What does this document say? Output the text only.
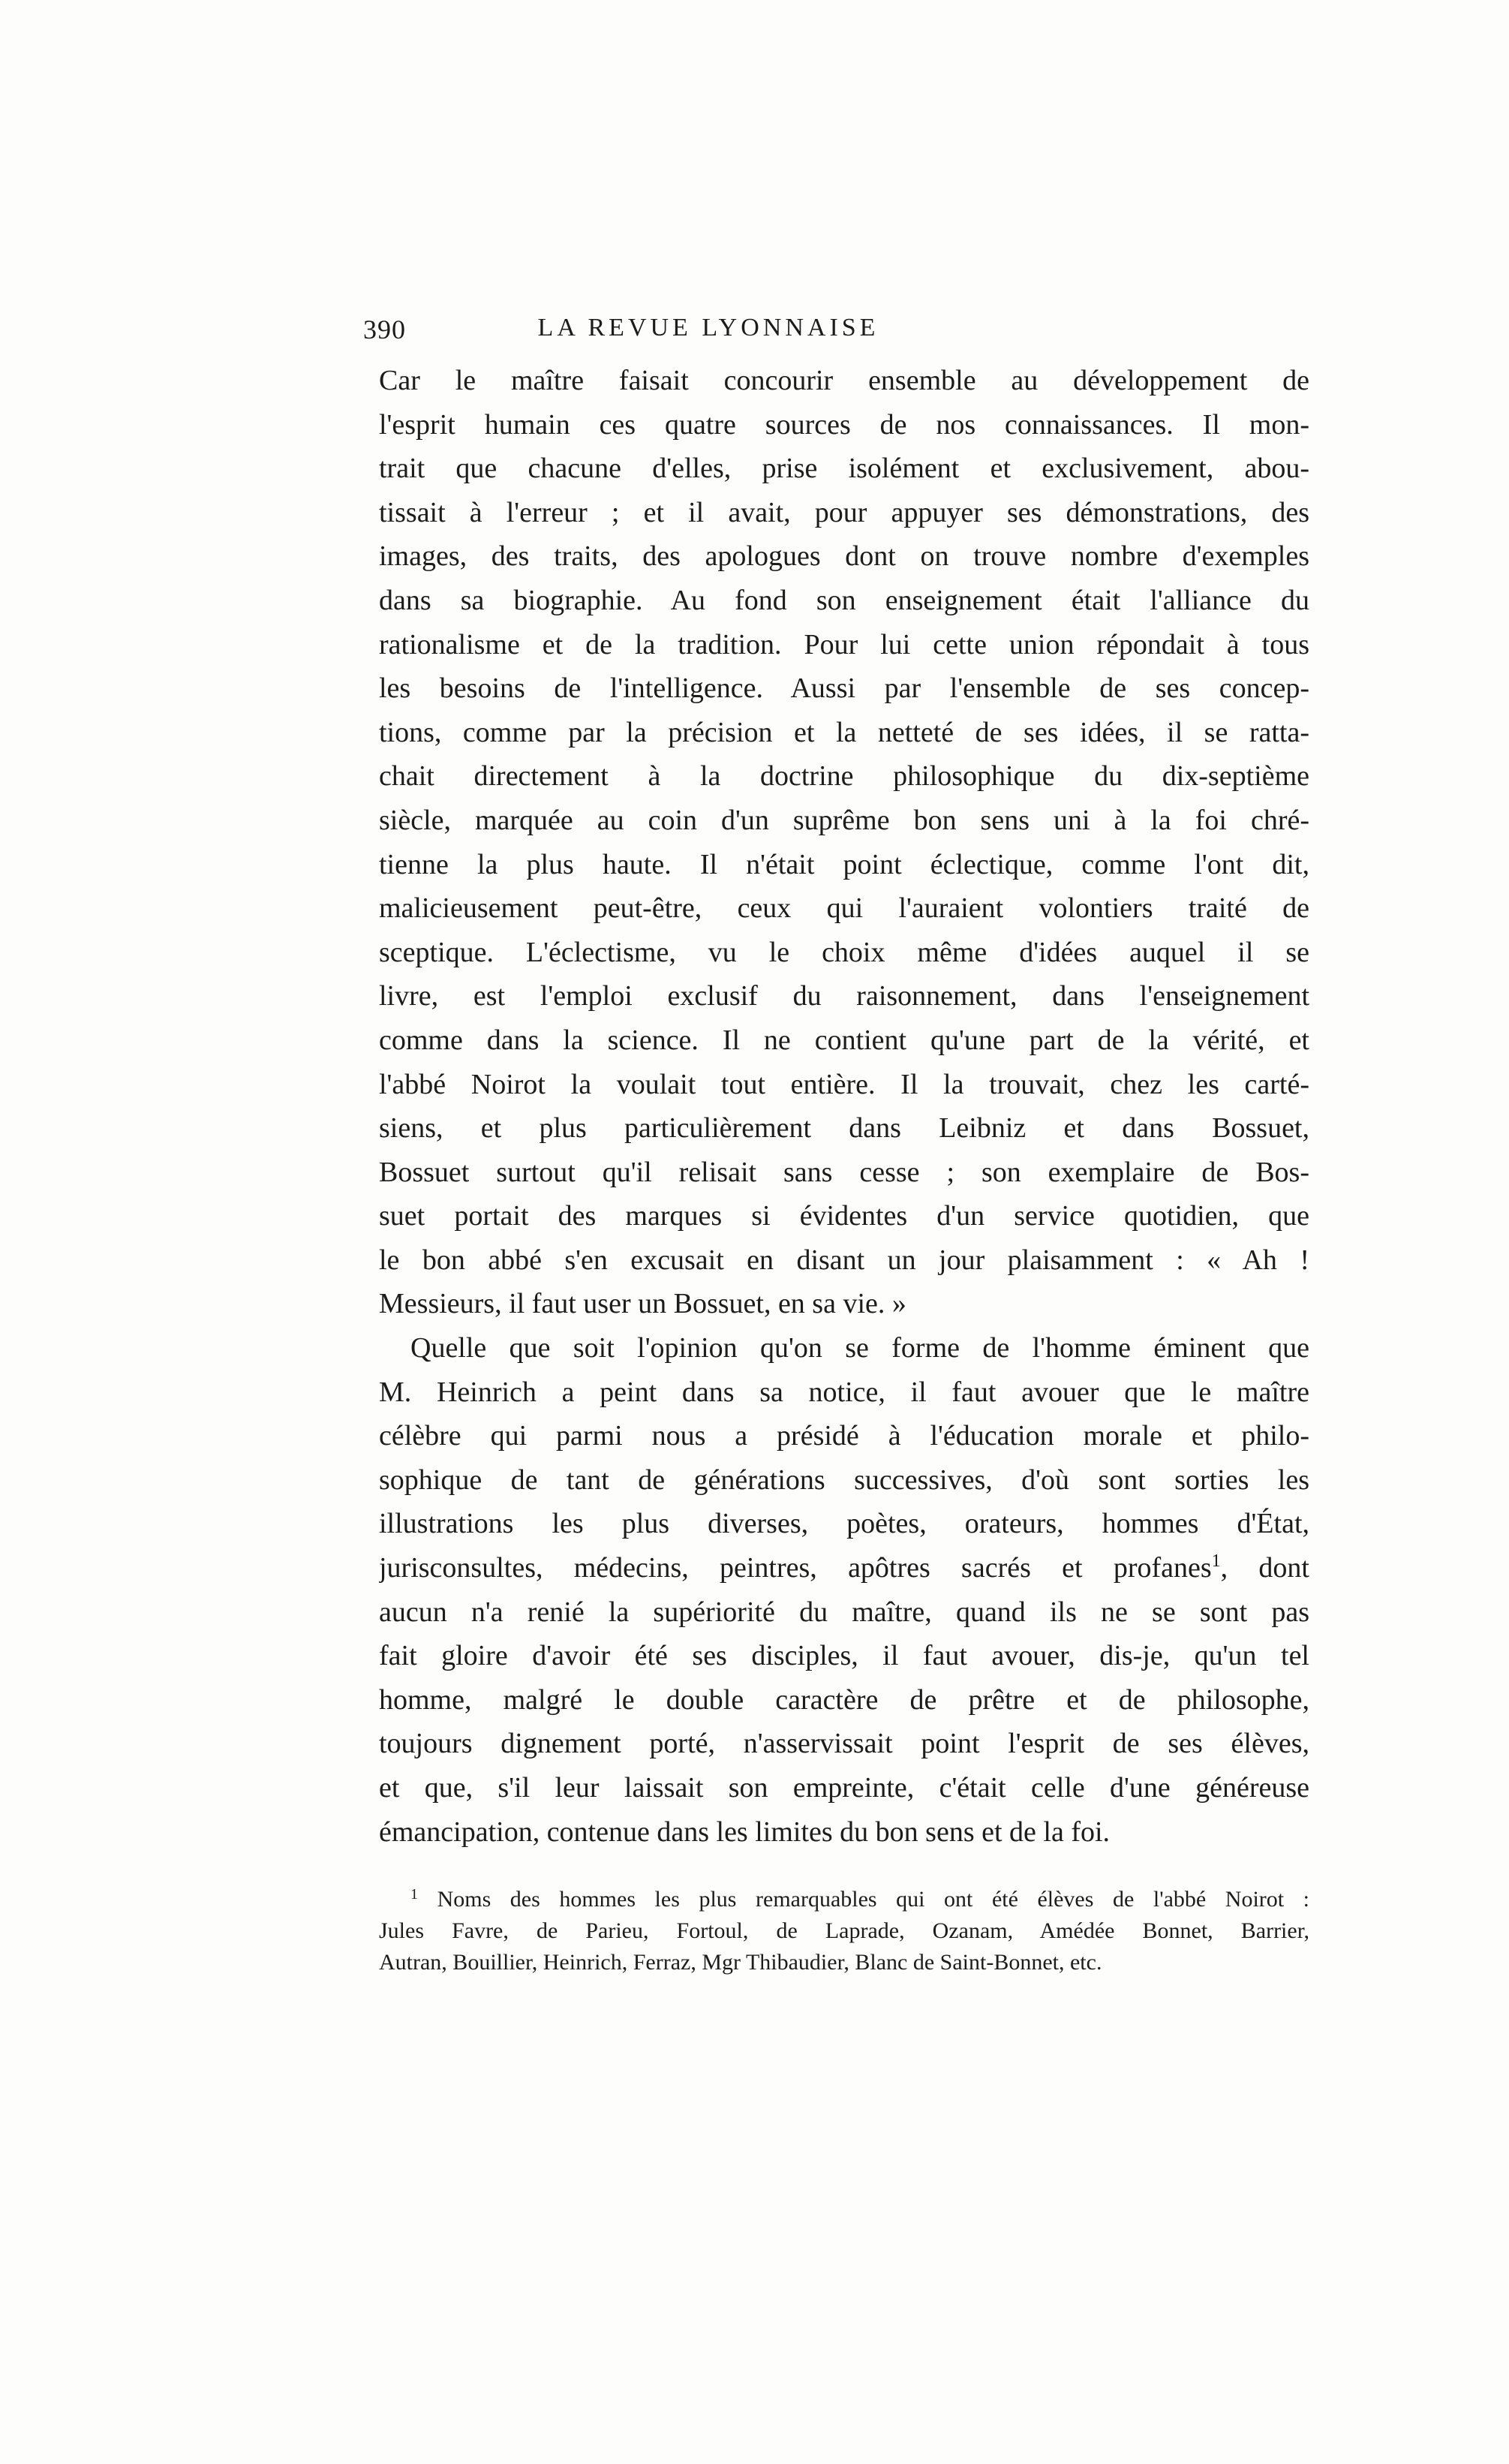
390	LA REVUE LYONNAISE
Car le maître faisait concourir ensemble au développement de
l'esprit humain ces quatre sources de nos connaissances. Il mon-
trait que chacune d'elles, prise isolément et exclusivement, abou-
tissait à l'erreur ; et il avait, pour appuyer ses démonstrations, des
images, des traits, des apologues dont on trouve nombre d'exemples
dans sa biographie. Au fond son enseignement était l'alliance du
rationalisme et de la tradition. Pour lui cette union répondait à tous
les besoins de l'intelligence. Aussi par l'ensemble de ses concep-
tions, comme par la précision et la netteté de ses idées, il se ratta-
chait directement à la doctrine philosophique du dix-septième
siècle, marquée au coin d'un suprême bon sens uni à la foi chré-
tienne la plus haute. Il n'était point éclectique, comme l'ont dit,
malicieusement peut-être, ceux qui l'auraient volontiers traité de
sceptique. L'éclectisme, vu le choix même d'idées auquel il se
livre, est l'emploi exclusif du raisonnement, dans l'enseignement
comme dans la science. Il ne contient qu'une part de la vérité, et
l'abbé Noirot la voulait tout entière. Il la trouvait, chez les carté-
siens, et plus particulièrement dans Leibniz et dans Bossuet,
Bossuet surtout qu'il relisait sans cesse ; son exemplaire de Bos-
suet portait des marques si évidentes d'un service quotidien, que
le bon abbé s'en excusait en disant un jour plaisamment : « Ah !
Messieurs, il faut user un Bossuet, en sa vie. »
Quelle que soit l'opinion qu'on se forme de l'homme éminent que
M. Heinrich a peint dans sa notice, il faut avouer que le maître
célèbre qui parmi nous a présidé à l'éducation morale et philo-
sophique de tant de générations successives, d'où sont sorties les
illustrations les plus diverses, poètes, orateurs, hommes d'État,
jurisconsultes, médecins, peintres, apôtres sacrés et profanes$^1$, dont
aucun n'a renié la supériorité du maître, quand ils ne se sont pas
fait gloire d'avoir été ses disciples, il faut avouer, dis-je, qu'un tel
homme, malgré le double caractère de prêtre et de philosophe,
toujours dignement porté, n'asservissait point l'esprit de ses élèves,
et que, s'il leur laissait son empreinte, c'était celle d'une généreuse
émancipation, contenue dans les limites du bon sens et de la foi.
$^1$ Noms des hommes les plus remarquables qui ont été élèves de l'abbé Noirot :
Jules Favre, de Parieu, Fortoul, de Laprade, Ozanam, Amédée Bonnet, Barrier,
Autran, Bouillier, Heinrich, Ferraz, Mgr Thibaudier, Blanc de Saint-Bonnet, etc.
